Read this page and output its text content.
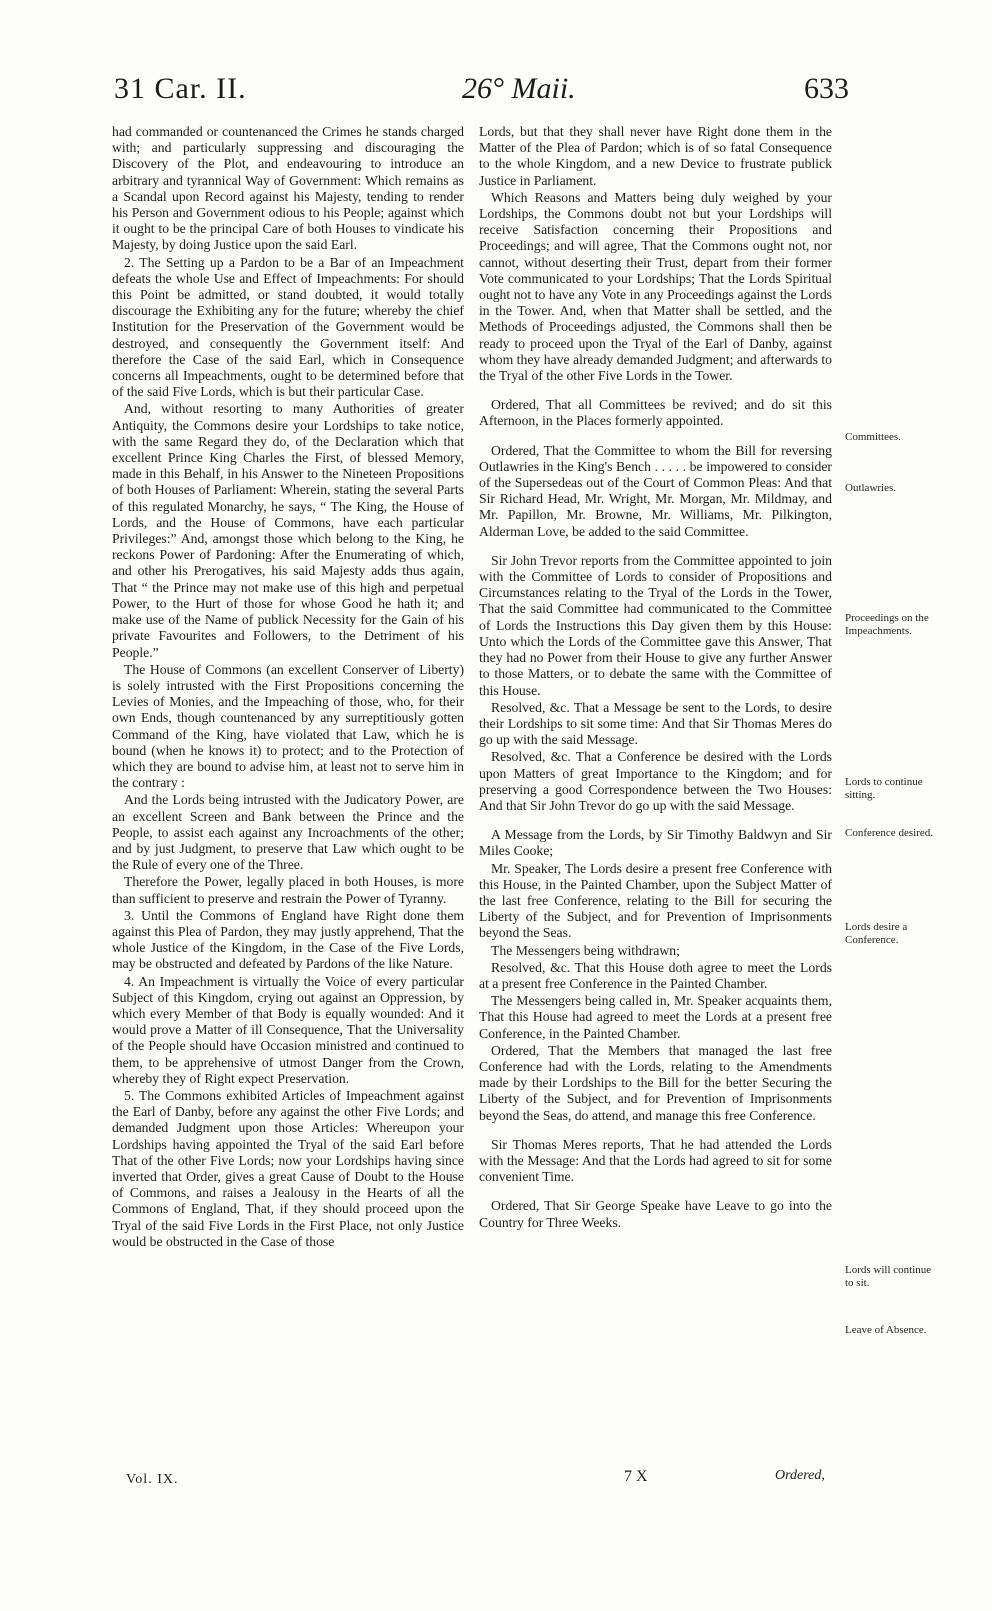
31 Car. II.	26° Maii.	633

had commanded or countenanced the Crimes he stands charged with; and particularly suppressing and discouraging the Discovery of the Plot, and endeavouring to introduce an arbitrary and tyrannical Way of Government: Which remains as a Scandal upon Record against his Majesty, tending to render his Person and Government odious to his People; against which it ought to be the principal Care of both Houses to vindicate his Majesty, by doing Justice upon the said Earl.

2. The Setting up a Pardon to be a Bar of an Impeachment defeats the whole Use and Effect of Impeachments: For should this Point be admitted, or stand doubted, it would totally discourage the Exhibiting any for the future; whereby the chief Institution for the Preservation of the Government would be destroyed, and consequently the Government itself: And therefore the Case of the said Earl, which in Consequence concerns all Impeachments, ought to be determined before that of the said Five Lords, which is but their particular Case.

And, without resorting to many Authorities of greater Antiquity, the Commons desire your Lordships to take notice, with the same Regard they do, of the Declaration which that excellent Prince King Charles the First, of blessed Memory, made in this Behalf, in his Answer to the Nineteen Propositions of both Houses of Parliament: Wherein, stating the several Parts of this regulated Monarchy, he says, “ The King, the House of Lords, and the House of Commons, have each particular Privileges:” And, amongst those which belong to the King, he reckons Power of Pardoning: After the Enumerating of which, and other his Prerogatives, his said Majesty adds thus again, That “ the Prince may not make use of this high and perpetual Power, to the Hurt of those for whose Good he hath it; and make use of the Name of publick Necessity for the Gain of his private Favourites and Followers, to the Detriment of his People.”

The House of Commons (an excellent Conserver of Liberty) is solely intrusted with the First Propositions concerning the Levies of Monies, and the Impeaching of those, who, for their own Ends, though countenanced by any surreptitiously gotten Command of the King, have violated that Law, which he is bound (when he knows it) to protect; and to the Protection of which they are bound to advise him, at least not to serve him in the contrary :

And the Lords being intrusted with the Judicatory Power, are an excellent Screen and Bank between the Prince and the People, to assist each against any Incroachments of the other; and by just Judgment, to preserve that Law which ought to be the Rule of every one of the Three.

Therefore the Power, legally placed in both Houses, is more than sufficient to preserve and restrain the Power of Tyranny.

3. Until the Commons of England have Right done them against this Plea of Pardon, they may justly apprehend, That the whole Justice of the Kingdom, in the Case of the Five Lords, may be obstructed and defeated by Pardons of the like Nature.

4. An Impeachment is virtually the Voice of every particular Subject of this Kingdom, crying out against an Oppression, by which every Member of that Body is equally wounded: And it would prove a Matter of ill Consequence, That the Universality of the People should have Occasion ministred and continued to them, to be apprehensive of utmost Danger from the Crown, whereby they of Right expect Preservation.

5. The Commons exhibited Articles of Impeachment against the Earl of Danby, before any against the other Five Lords; and demanded Judgment upon those Articles: Whereupon your Lordships having appointed the Tryal of the said Earl before That of the other Five Lords; now your Lordships having since inverted that Order, gives a great Cause of Doubt to the House of Commons, and raises a Jealousy in the Hearts of all the Commons of England, That, if they should proceed upon the Tryal of the said Five Lords in the First Place, not only Justice would be obstructed in the Case of those

Lords, but that they shall never have Right done them in the Matter of the Plea of Pardon; which is of so fatal Consequence to the whole Kingdom, and a new Device to frustrate publick Justice in Parliament.

Which Reasons and Matters being duly weighed by your Lordships, the Commons doubt not but your Lordships will receive Satisfaction concerning their Propositions and Proceedings; and will agree, That the Commons ought not, nor cannot, without deserting their Trust, depart from their former Vote communicated to your Lordships; That the Lords Spiritual ought not to have any Vote in any Proceedings against the Lords in the Tower. And, when that Matter shall be settled, and the Methods of Proceedings adjusted, the Commons shall then be ready to proceed upon the Tryal of the Earl of Danby, against whom they have already demanded Judgment; and afterwards to the Tryal of the other Five Lords in the Tower.

Ordered, That all Committees be revived; and do sit this Afternoon, in the Places formerly appointed.

Ordered, That the Committee to whom the Bill for reversing Outlawries in the King's Bench . . . . . be impowered to consider of the Supersedeas out of the Court of Common Pleas: And that Sir Richard Head, Mr. Wright, Mr. Morgan, Mr. Mildmay, and Mr. Papillon, Mr. Browne, Mr. Williams, Mr. Pilkington, Alderman Love, be added to the said Committee.

Sir John Trevor reports from the Committee appointed to join with the Committee of Lords to consider of Propositions and Circumstances relating to the Tryal of the Lords in the Tower, That the said Committee had communicated to the Committee of Lords the Instructions this Day given them by this House: Unto which the Lords of the Committee gave this Answer, That they had no Power from their House to give any further Answer to those Matters, or to debate the same with the Committee of this House.

Resolved, &c. That a Message be sent to the Lords, to desire their Lordships to sit some time: And that Sir Thomas Meres do go up with the said Message.

Resolved, &c. That a Conference be desired with the Lords upon Matters of great Importance to the Kingdom; and for preserving a good Correspondence between the Two Houses: And that Sir John Trevor do go up with the said Message.

A Message from the Lords, by Sir Timothy Baldwyn and Sir Miles Cooke;

Mr. Speaker, The Lords desire a present free Conference with this House, in the Painted Chamber, upon the Subject Matter of the last free Conference, relating to the Bill for securing the Liberty of the Subject, and for Prevention of Imprisonments beyond the Seas.

The Messengers being withdrawn;

Resolved, &c. That this House doth agree to meet the Lords at a present free Conference in the Painted Chamber.

The Messengers being called in, Mr. Speaker acquaints them, That this House had agreed to meet the Lords at a present free Conference, in the Painted Chamber.

Ordered, That the Members that managed the last free Conference had with the Lords, relating to the Amendments made by their Lordships to the Bill for the better Securing the Liberty of the Subject, and for Prevention of Imprisonments beyond the Seas, do attend, and manage this free Conference.

Sir Thomas Meres reports, That he had attended the Lords with the Message: And that the Lords had agreed to sit for some convenient Time.

Ordered, That Sir George Speake have Leave to go into the Country for Three Weeks.

Committees.
Outlawries.
Proceedings on the Impeachments.
Lords to continue sitting.
Conference desired.
Lords desire a Conference.
Lords will continue to sit.
Leave of Absence.
Vol. IX.	7 X	Ordered,
